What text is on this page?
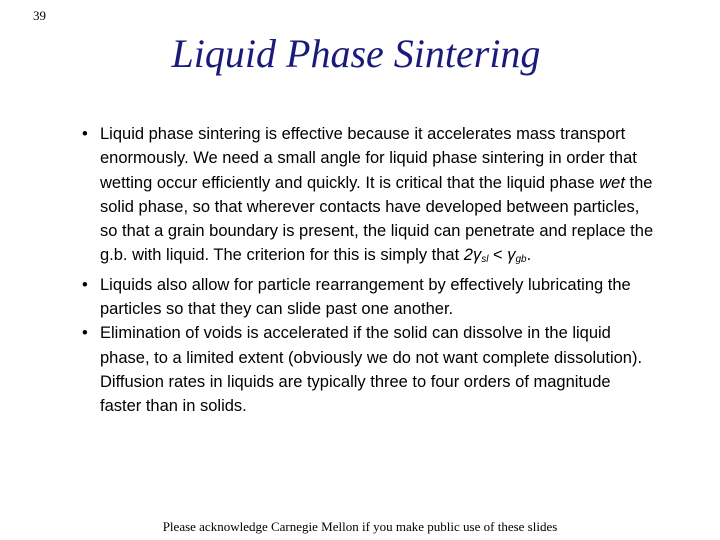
39
Liquid Phase Sintering
• Liquid phase sintering is effective because it accelerates mass transport enormously. We need a small angle for liquid phase sintering in order that wetting occur efficiently and quickly. It is critical that the liquid phase wet the solid phase, so that wherever contacts have developed between particles, so that a grain boundary is present, the liquid can penetrate and replace the g.b. with liquid. The criterion for this is simply that $2\gamma_{sl} < \gamma_{gb}$.
• Liquids also allow for particle rearrangement by effectively lubricating the particles so that they can slide past one another.
• Elimination of voids is accelerated if the solid can dissolve in the liquid phase, to a limited extent (obviously we do not want complete dissolution). Diffusion rates in liquids are typically three to four orders of magnitude faster than in solids.
Please acknowledge Carnegie Mellon if you make public use of these slides
